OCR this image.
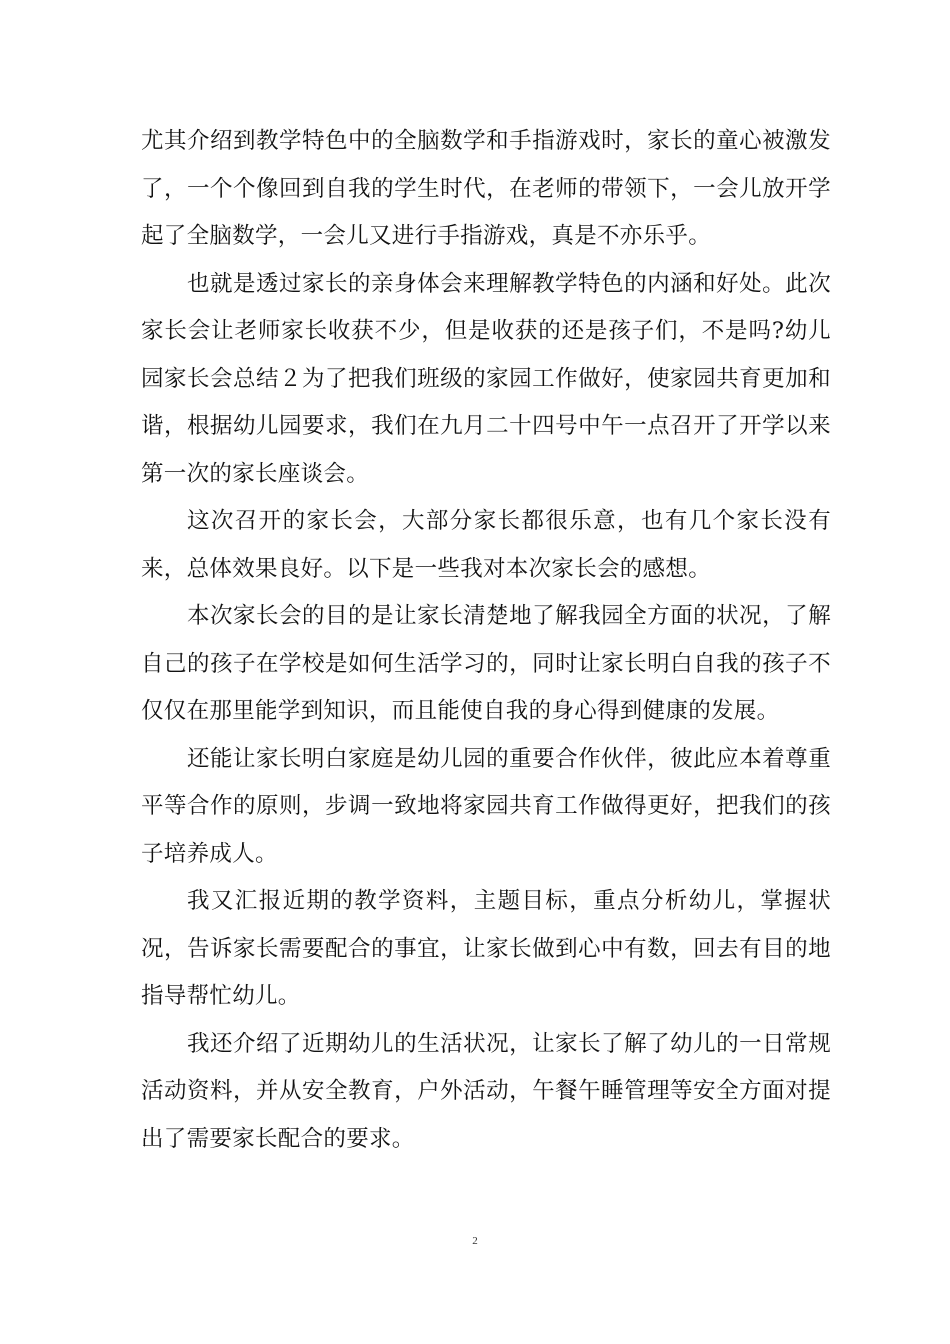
尤其介绍到教学特色中的全脑数学和手指游戏时，家长的童心被激发了，一个个像回到自我的学生时代，在老师的带领下，一会儿放开学起了全脑数学，一会儿又进行手指游戏，真是不亦乐乎。

也就是透过家长的亲身体会来理解教学特色的内涵和好处。此次家长会让老师家长收获不少，但是收获的还是孩子们，不是吗?幼儿园家长会总结２为了把我们班级的家园工作做好，使家园共育更加和谐，根据幼儿园要求，我们在九月二十四号中午一点召开了开学以来第一次的家长座谈会。

这次召开的家长会，大部分家长都很乐意，也有几个家长没有来，总体效果良好。以下是一些我对本次家长会的感想。

本次家长会的目的是让家长清楚地了解我园全方面的状况，了解自己的孩子在学校是如何生活学习的，同时让家长明白自我的孩子不仅仅在那里能学到知识，而且能使自我的身心得到健康的发展。

还能让家长明白家庭是幼儿园的重要合作伙伴，彼此应本着尊重平等合作的原则，步调一致地将家园共育工作做得更好，把我们的孩子培养成人。

我又汇报近期的教学资料，主题目标，重点分析幼儿，掌握状况，告诉家长需要配合的事宜，让家长做到心中有数，回去有目的地指导帮忙幼儿。

我还介绍了近期幼儿的生活状况，让家长了解了幼儿的一日常规活动资料，并从安全教育，户外活动，午餐午睡管理等安全方面对提出了需要家长配合的要求。

2
